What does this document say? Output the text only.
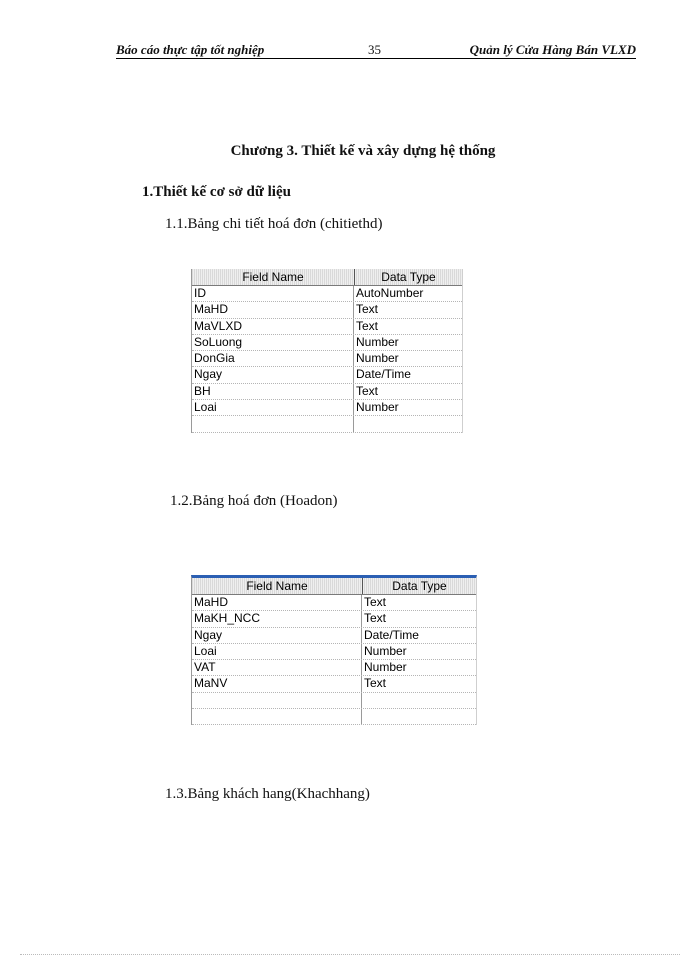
Báo cáo thực tập tốt nghiệp	35	Quản lý Cửa Hàng Bán VLXD
Chương 3. Thiết kế và xây dựng hệ thống
1.Thiết kế cơ sở dữ liệu
1.1.Bảng chi tiết hoá đơn (chitiethd)
Field Name	Data Type
ID	AutoNumber
MaHD	Text
MaVLXD	Text
SoLuong	Number
DonGia	Number
Ngay	Date/Time
BH	Text
Loai	Number
1.2.Bảng hoá đơn (Hoadon)
Field Name	Data Type
MaHD	Text
MaKH_NCC	Text
Ngay	Date/Time
Loai	Number
VAT	Number
MaNV	Text
1.3.Bảng khách hang(Khachhang)
